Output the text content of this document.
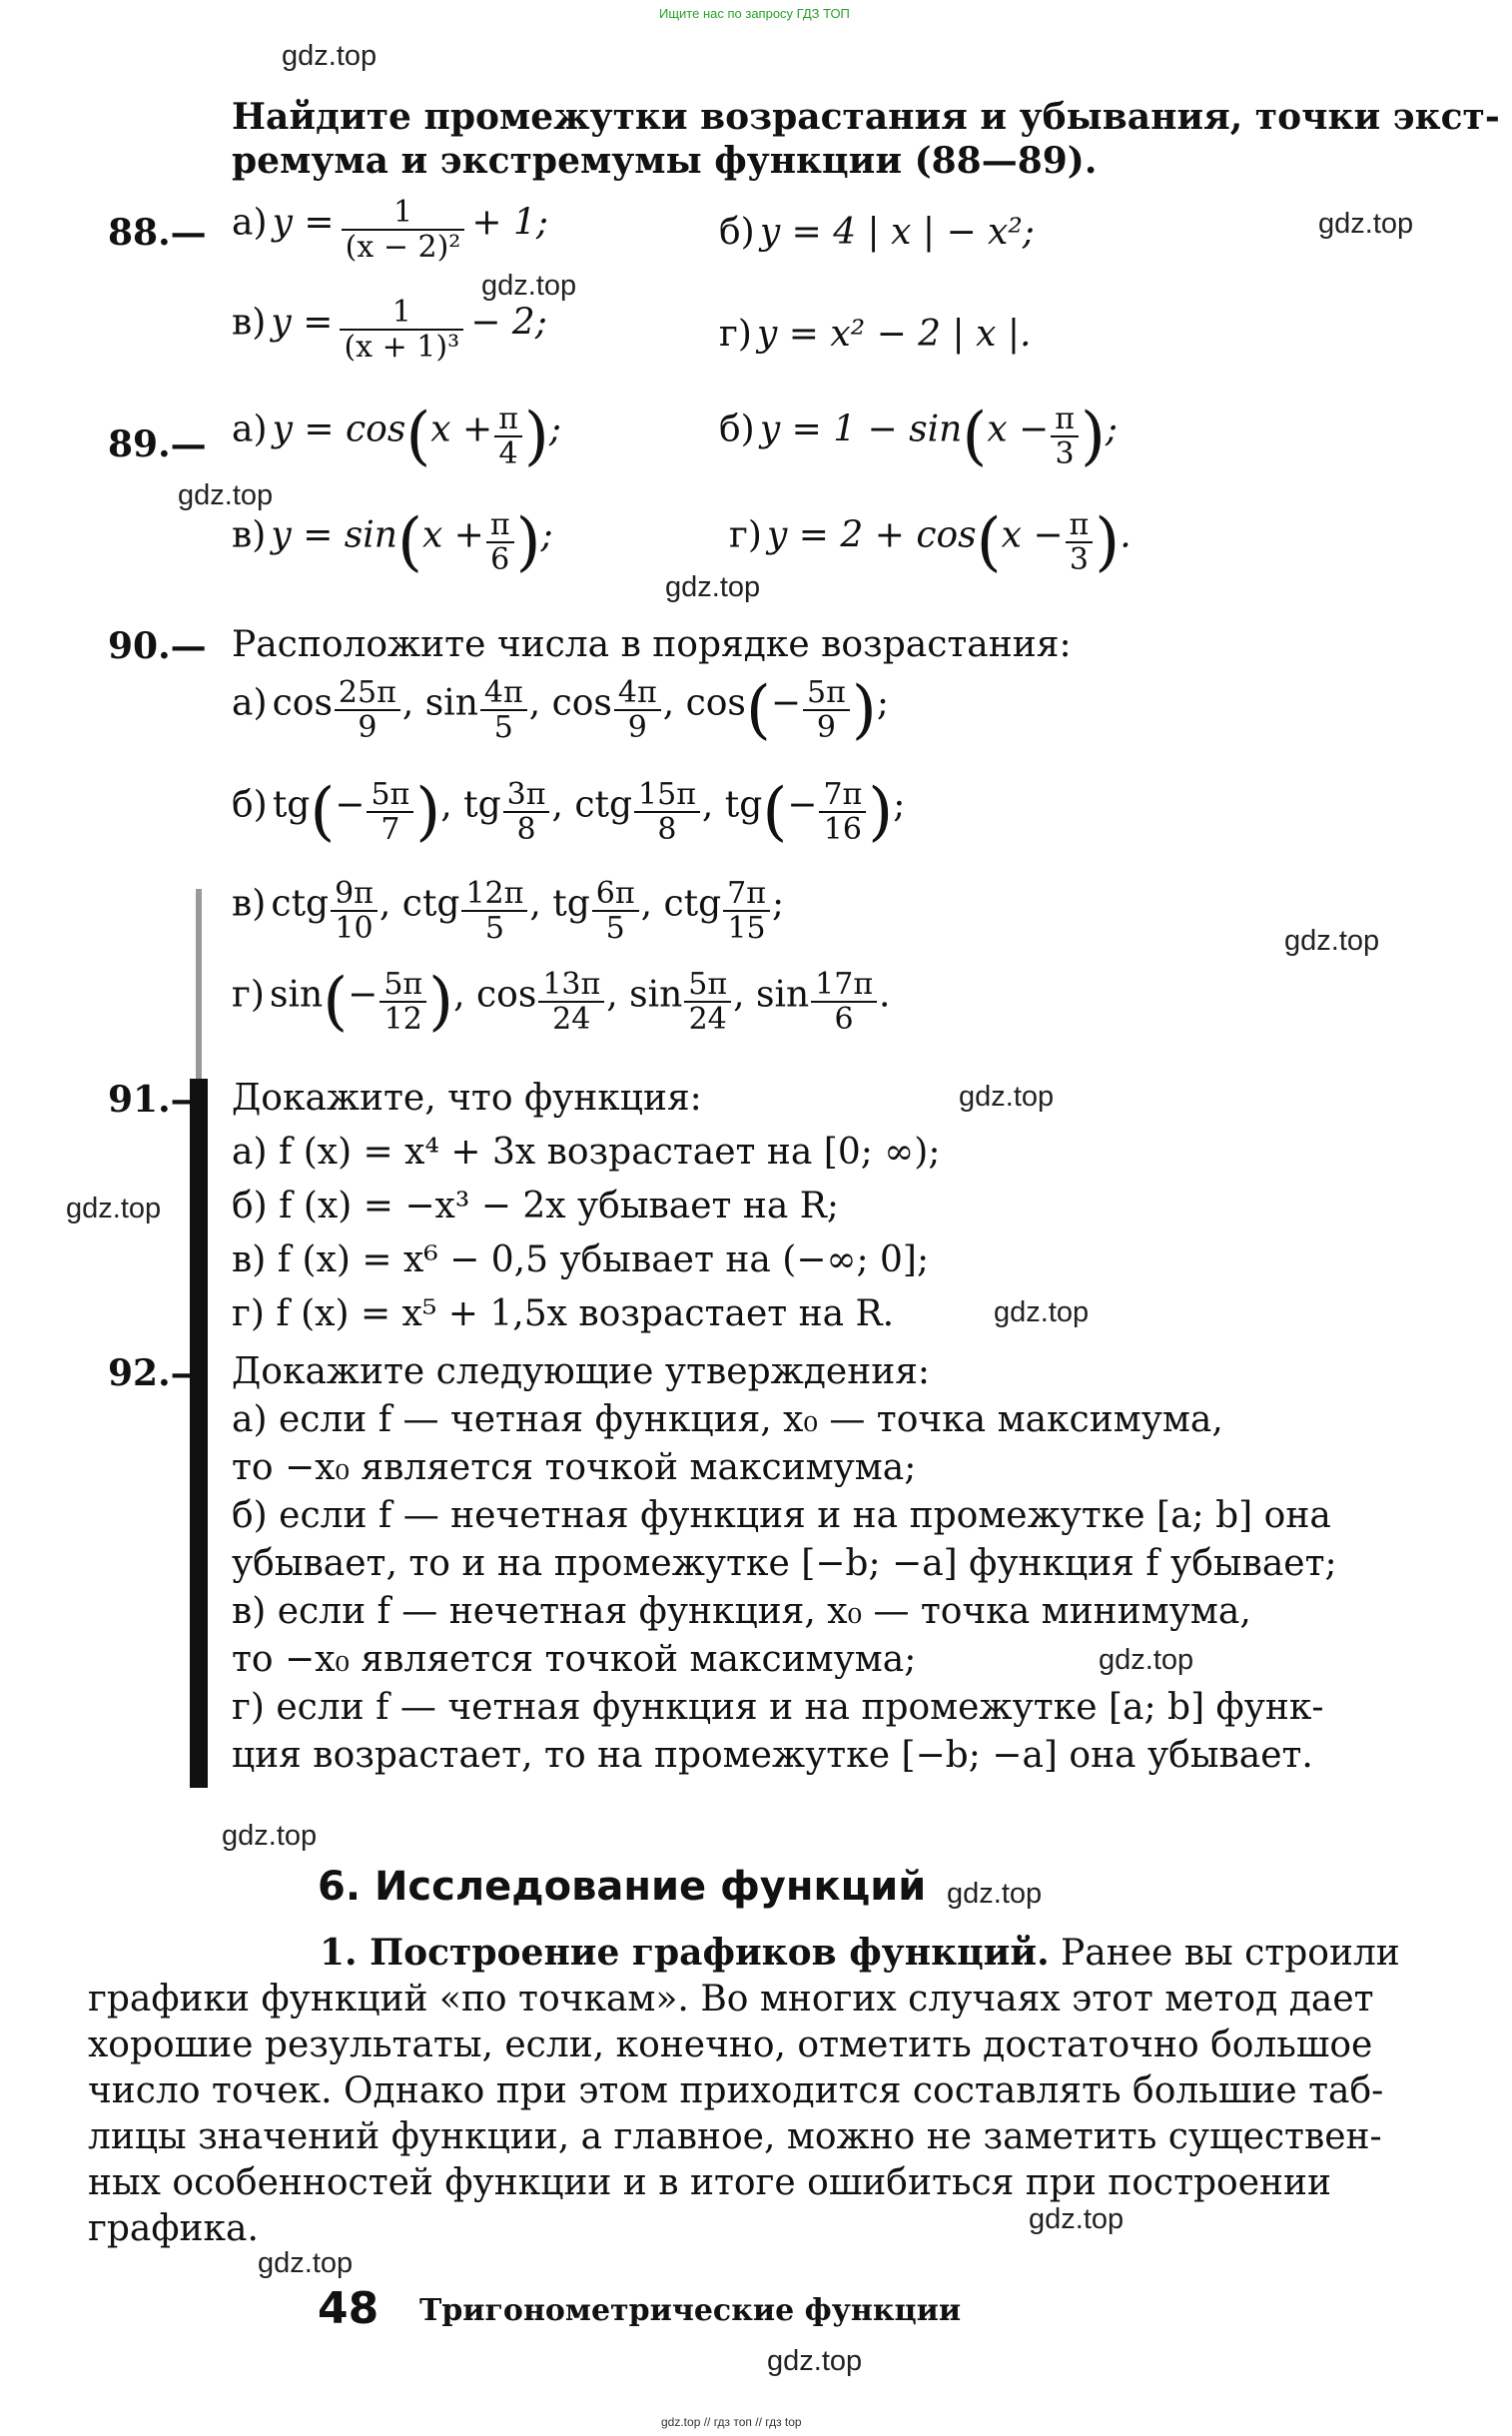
Ищите нас по запросу ГДЗ ТОП
gdz.top
gdz.top
gdz.top
gdz.top
gdz.top
gdz.top
gdz.top
gdz.top
gdz.top
gdz.top
gdz.top
gdz.top
gdz.top
gdz.top
gdz.top
Найдите промежутки возрастания и убывания, точки экст-
ремума и экстремумы функции (88—89).
88.— а) $y = \frac{1}{\text{(x − 2)²}} + 1$;	б) y = 4 | x | − x²;
в) $y = \frac{1}{\text{(x + 1)³}} - 2$;	г) y = x² − 2 | x |.
89.— а) $y = \cos(x + \frac{\pi}{4}$ );	б) $y = 1 - \sin(x - \frac{\pi}{3}$ );
в) $y = \sin(x + \frac{\pi}{6}$ );	г) $y = 2 + \cos(x - \frac{\pi}{3}$ ).
90.— Расположите числа в порядке возрастания:
а) $\cos \frac{25\pi}{9}$ , $\sin \frac{4\pi}{5}$ , $\cos \frac{4\pi}{9}$ , $\cos(- \frac{5\pi}{9}$ );
б) $tg(- \frac{5\pi}{7}$ ), tg $\frac{3\pi}{8}$ , ctg $\frac{15\pi}{8}$ , $tg(- \frac{7\pi}{16}$ );
в) ctg $\frac{9\pi}{10}$ , ctg $\frac{12\pi}{5}$ , tg $\frac{6\pi}{5}$ , ctg $\frac{7\pi}{15}$ ;
г) $\sin(- \frac{5\pi}{12}$ ), $\cos \frac{13\pi}{24}$ , $\sin \frac{5\pi}{24}$ , $\sin \frac{17\pi}{6}$ .
91.— Докажите, что функция:
а) f (x) = x⁴ + 3x возрастает на [0; ∞);
б) f (x) = −x³ − 2x убывает на R;
в) f (x) = x⁶ − 0,5 убывает на (−∞; 0];
г) f (x) = x⁵ + 1,5x возрастает на R.
92.— Докажите следующие утверждения:
а) если f — четная функция, x₀ — точка максимума,
то −x₀ является точкой максимума;
б) если f — нечетная функция и на промежутке [a; b] она
убывает, то и на промежутке [−b; −a] функция f убывает;
в) если f — нечетная функция, x₀ — точка минимума,
то −x₀ является точкой максимума;
г) если f — четная функция и на промежутке [a; b] функ-
ция возрастает, то на промежутке [−b; −a] она убывает.
6. Исследование функций
1. Построение графиков функций. Ранее вы строили
графики функций «по точкам». Во многих случаях этот метод дает
хорошие результаты, если, конечно, отметить достаточно большое
число точек. Однако при этом приходится составлять большие таб-
лицы значений функции, а главное, можно не заметить существен-
ных особенностей функции и в итоге ошибиться при построении
графика.
48 Тригонометрические функции
gdz.top // гдз топ // гдз top
